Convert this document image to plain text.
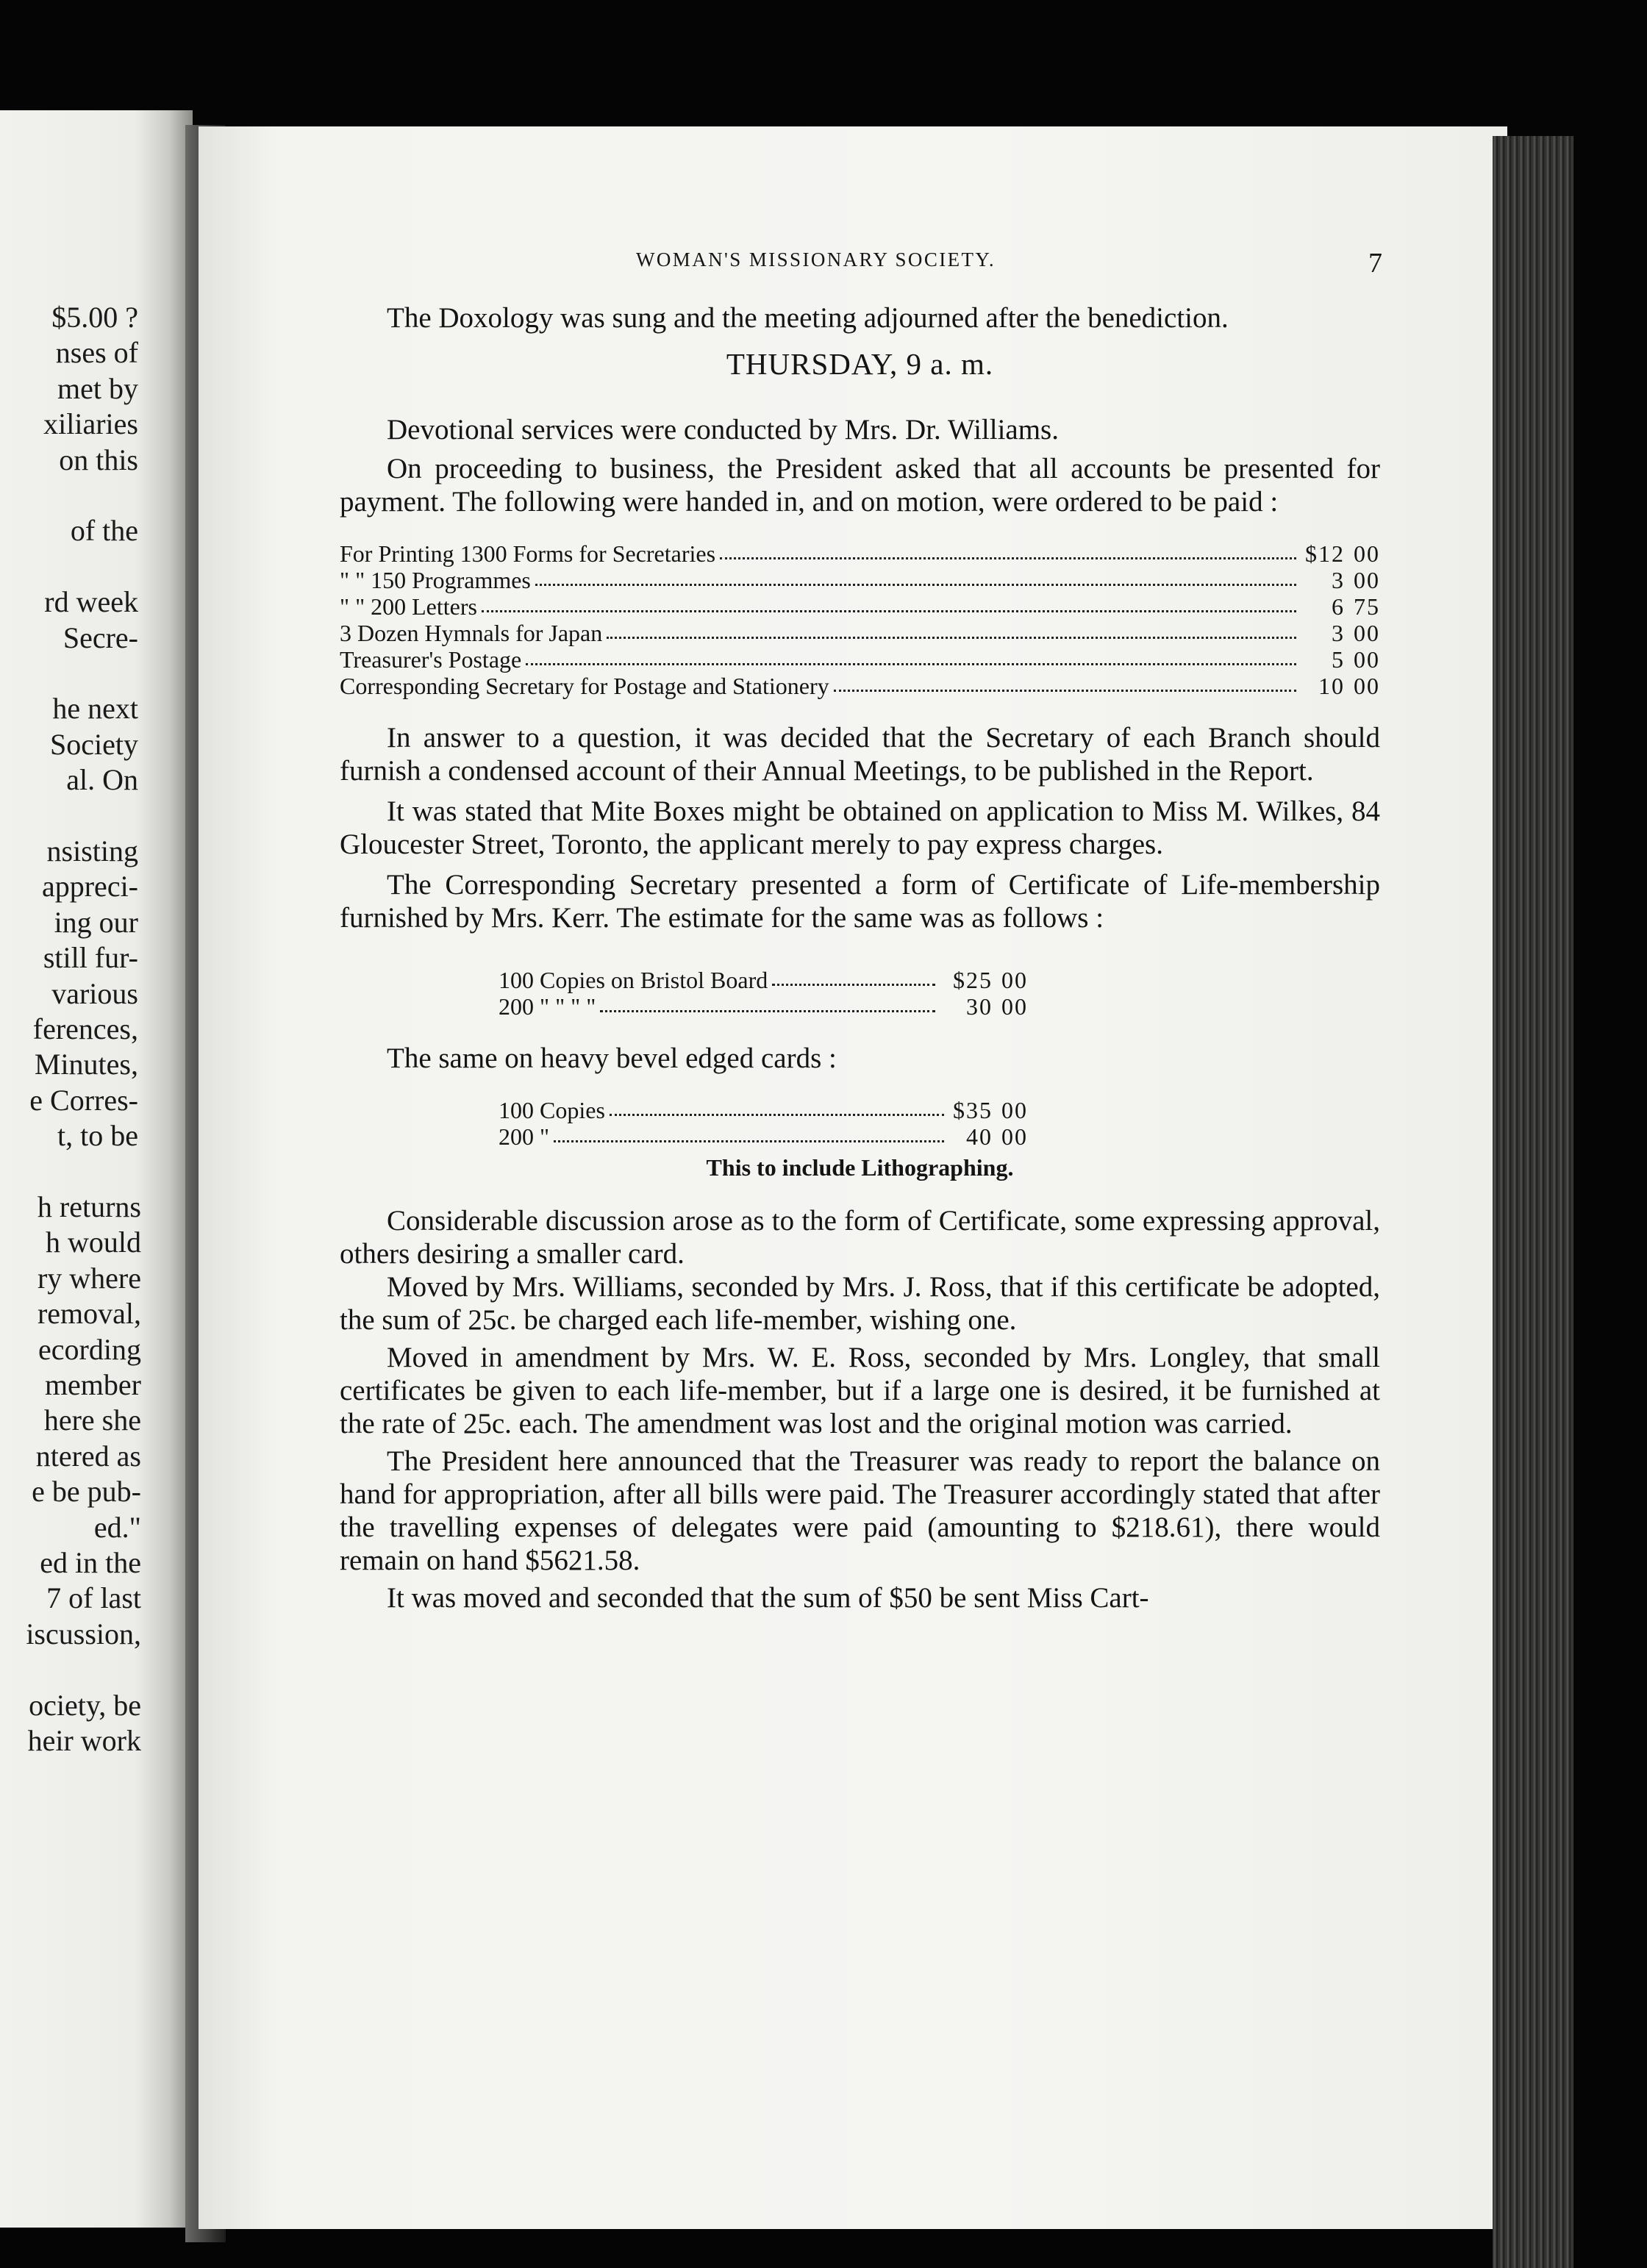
$5.00 ?
nses of
met by
xiliaries
on this
of the
rd week
Secre-
he next
Society
al. On
nsisting
appreci-
ing our
still fur-
various
ferences,
Minutes,
e Corres-
t, to be
h returns
h would
ry where
removal,
ecording
member
here she
ntered as
e be pub-
ed."
ed in the
7 of last
iscussion,
ociety, be
heir work
WOMAN'S MISSIONARY SOCIETY.	7

The Doxology was sung and the meeting adjourned after the benediction.

THURSDAY, 9 a. m.

Devotional services were conducted by Mrs. Dr. Williams.

On proceeding to business, the President asked that all accounts be presented for payment. The following were handed in, and on motion, were ordered to be paid :

For Printing 1300 Forms for Secretaries	$12 00
" " 150 Programmes	3 00
" " 200 Letters	6 75
3 Dozen Hymnals for Japan	3 00
Treasurer's Postage	5 00
Corresponding Secretary for Postage and Stationery	10 00

In answer to a question, it was decided that the Secretary of each Branch should furnish a condensed account of their Annual Meetings, to be published in the Report.

It was stated that Mite Boxes might be obtained on application to Miss M. Wilkes, 84 Gloucester Street, Toronto, the applicant merely to pay express charges.

The Corresponding Secretary presented a form of Certificate of Life-membership furnished by Mrs. Kerr. The estimate for the same was as follows :

100 Copies on Bristol Board	$25 00
200 " " " "	30 00

The same on heavy bevel edged cards :

100 Copies	$35 00
200 "	40 00
This to include Lithographing.

Considerable discussion arose as to the form of Certificate, some expressing approval, others desiring a smaller card.

Moved by Mrs. Williams, seconded by Mrs. J. Ross, that if this certificate be adopted, the sum of 25c. be charged each life-member, wishing one.

Moved in amendment by Mrs. W. E. Ross, seconded by Mrs. Longley, that small certificates be given to each life-member, but if a large one is desired, it be furnished at the rate of 25c. each. The amendment was lost and the original motion was carried.

The President here announced that the Treasurer was ready to report the balance on hand for appropriation, after all bills were paid. The Treasurer accordingly stated that after the travelling expenses of delegates were paid (amounting to $218.61), there would remain on hand $5621.58.

It was moved and seconded that the sum of $50 be sent Miss Cart-
